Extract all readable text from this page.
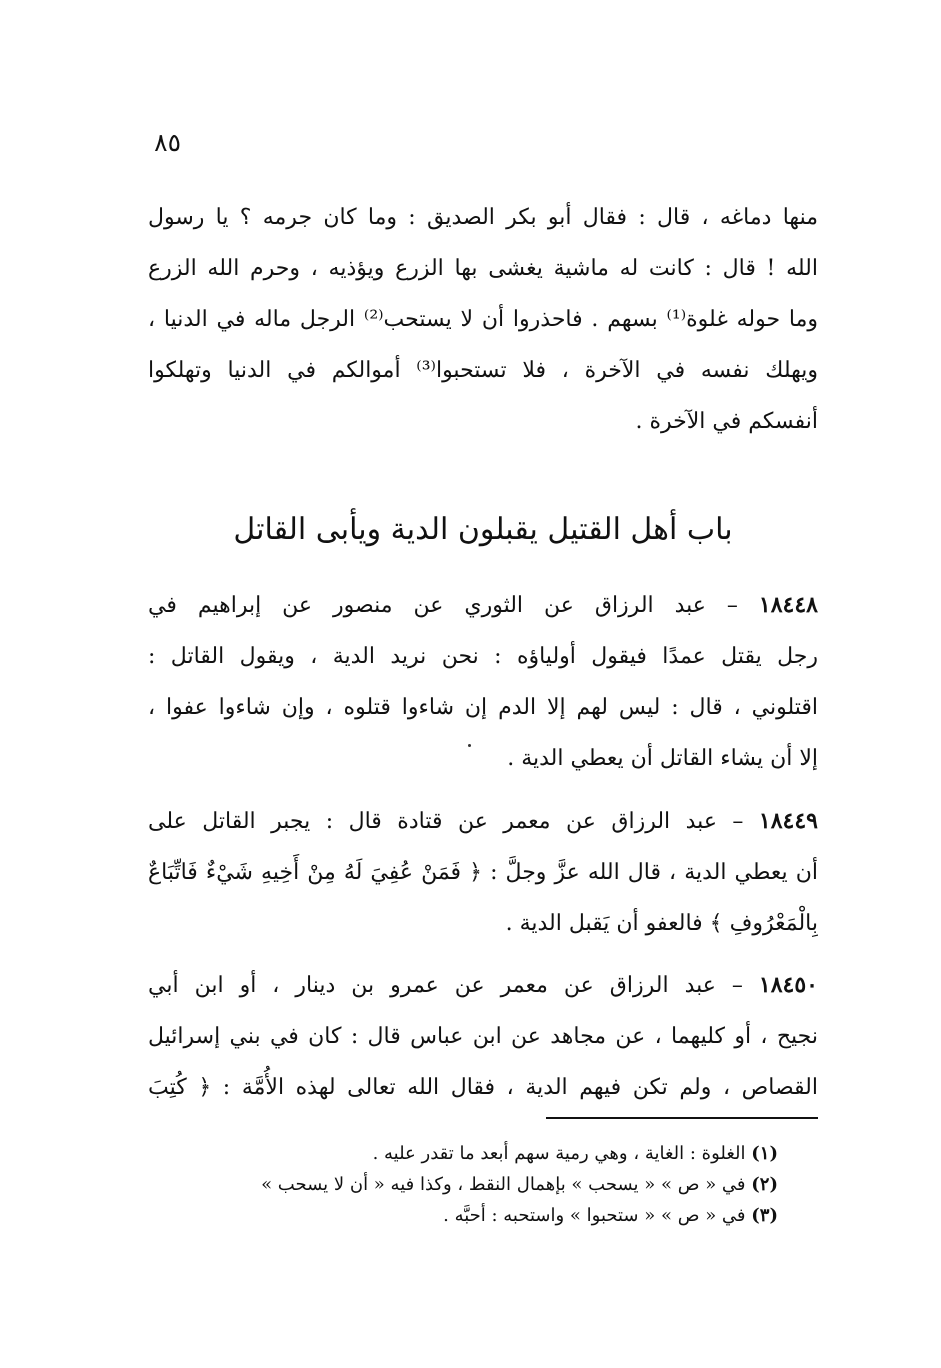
٨٥
منها دماغه ، قال : فقال أبو بكر الصديق : وما كان جرمه ؟ يا رسول
الله ! قال : كانت له ماشية يغشى بها الزرع ويؤذيه ، وحرم الله الزرع
وما حوله غلوة⁽¹⁾ بسهم . فاحذروا أن لا يستحب⁽²⁾ الرجل ماله في الدنيا ،
ويهلك نفسه في الآخرة ، فلا تستحبوا⁽³⁾ أموالكم في الدنيا وتهلكوا
أنفسكم في الآخرة .
باب أهل القتيل يقبلون الدية ويأبى القاتل
١٨٤٤٨ – عبد الرزاق عن الثوري عن منصور عن إبراهيم في
رجل يقتل عمدًا فيقول أولياؤه : نحن نريد الدية ، ويقول القاتل :
اقتلوني ، قال : ليس لهم إلا الدم إن شاءوا قتلوه ، وإن شاءوا عفوا ،
إلا أن يشاء القاتل أن يعطي الدية .
١٨٤٤٩ – عبد الرزاق عن معمر عن قتادة قال : يجبر القاتل على
أن يعطي الدية ، قال الله عزَّ وجلَّ : ﴿ فَمَنْ عُفِيَ لَهُ مِنْ أَخِيهِ شَيْءٌ فَاتِّبَاعٌ
بِالْمَعْرُوفِ ﴾ فالعفو أن يَقبل الدية .
١٨٤٥٠ – عبد الرزاق عن معمر عن عمرو بن دينار ، أو ابن أبي
نجيح ، أو كليهما ، عن مجاهد عن ابن عباس قال : كان في بني إسرائيل
القصاص ، ولم تكن فيهم الدية ، فقال الله تعالى لهذه الأُمَّة : ﴿ كُتِبَ
(١) الغلوة : الغاية ، وهي رمية سهم أبعد ما تقدر عليه .
(٢) في « ص » « يسحب » بإهمال النقط ، وكذا فيه « أن لا يسحب »
(٣) في « ص » « ستحبوا » واستحبه : أحبَّه .
